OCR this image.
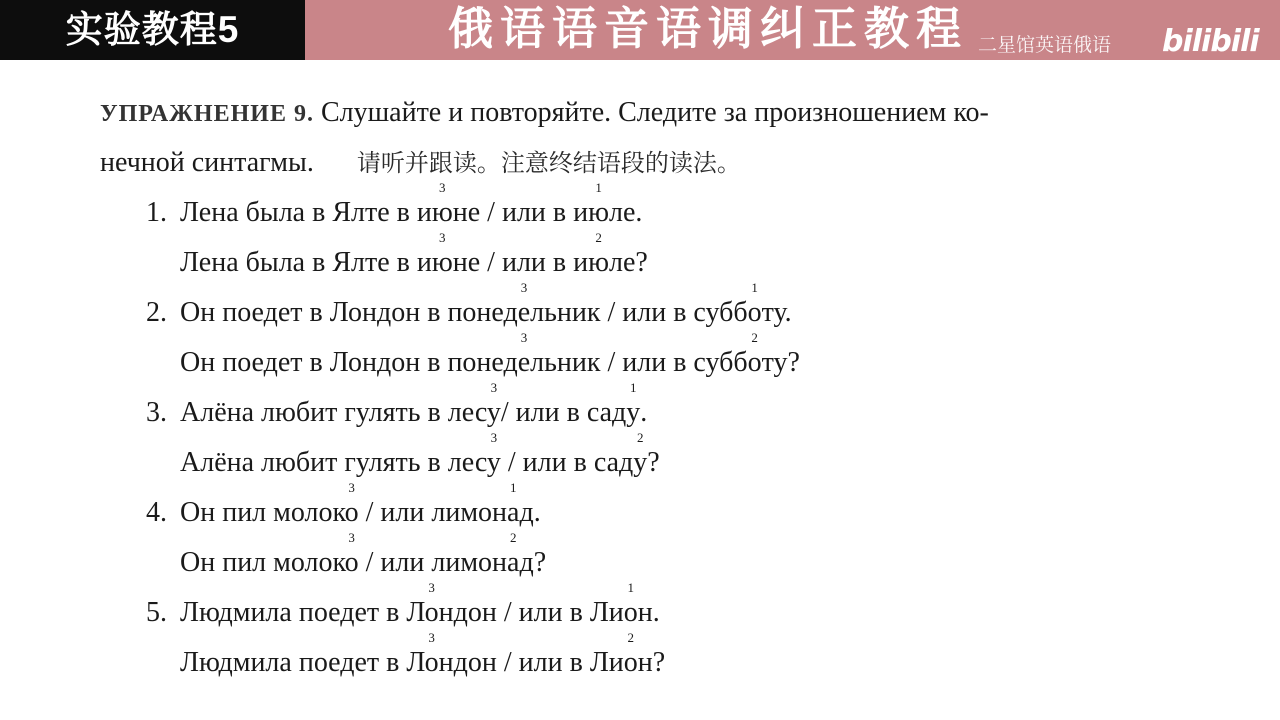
实验教程5	俄语语音语调纠正教程 二星馆英语俄语 bilibili
УПРАЖНЕНИЕ 9. Слушайте и повторяйте. Следите за произношением ко-
нечной синтагмы. 请听并跟读。注意终结语段的读法。
1. Лена была в Ялте в ию
3
не / или в ию
1
ле.
Лена была в Ялте в ию
3
не / или в ию
2
ле?
2. Он поедет в Лондон в понеде
3
льник / или в суббо
1
ту.
Он поедет в Лондон в понеде
3
льник / или в суббо
2
ту?
3. Алёна любит гулять в лесу
3
/ или в саду
1
.
Алёна любит гулять в лесу
3
/ или в саду
2
?
4. Он пил молоко
3
/ или лимона
1
д.
Он пил молоко
3
/ или лимона
2
д?
5. Людмила поедет в Ло
3
ндон / или в Лио
1
н.
Людмила поедет в Ло
3
ндон / или в Лио
2
н?
